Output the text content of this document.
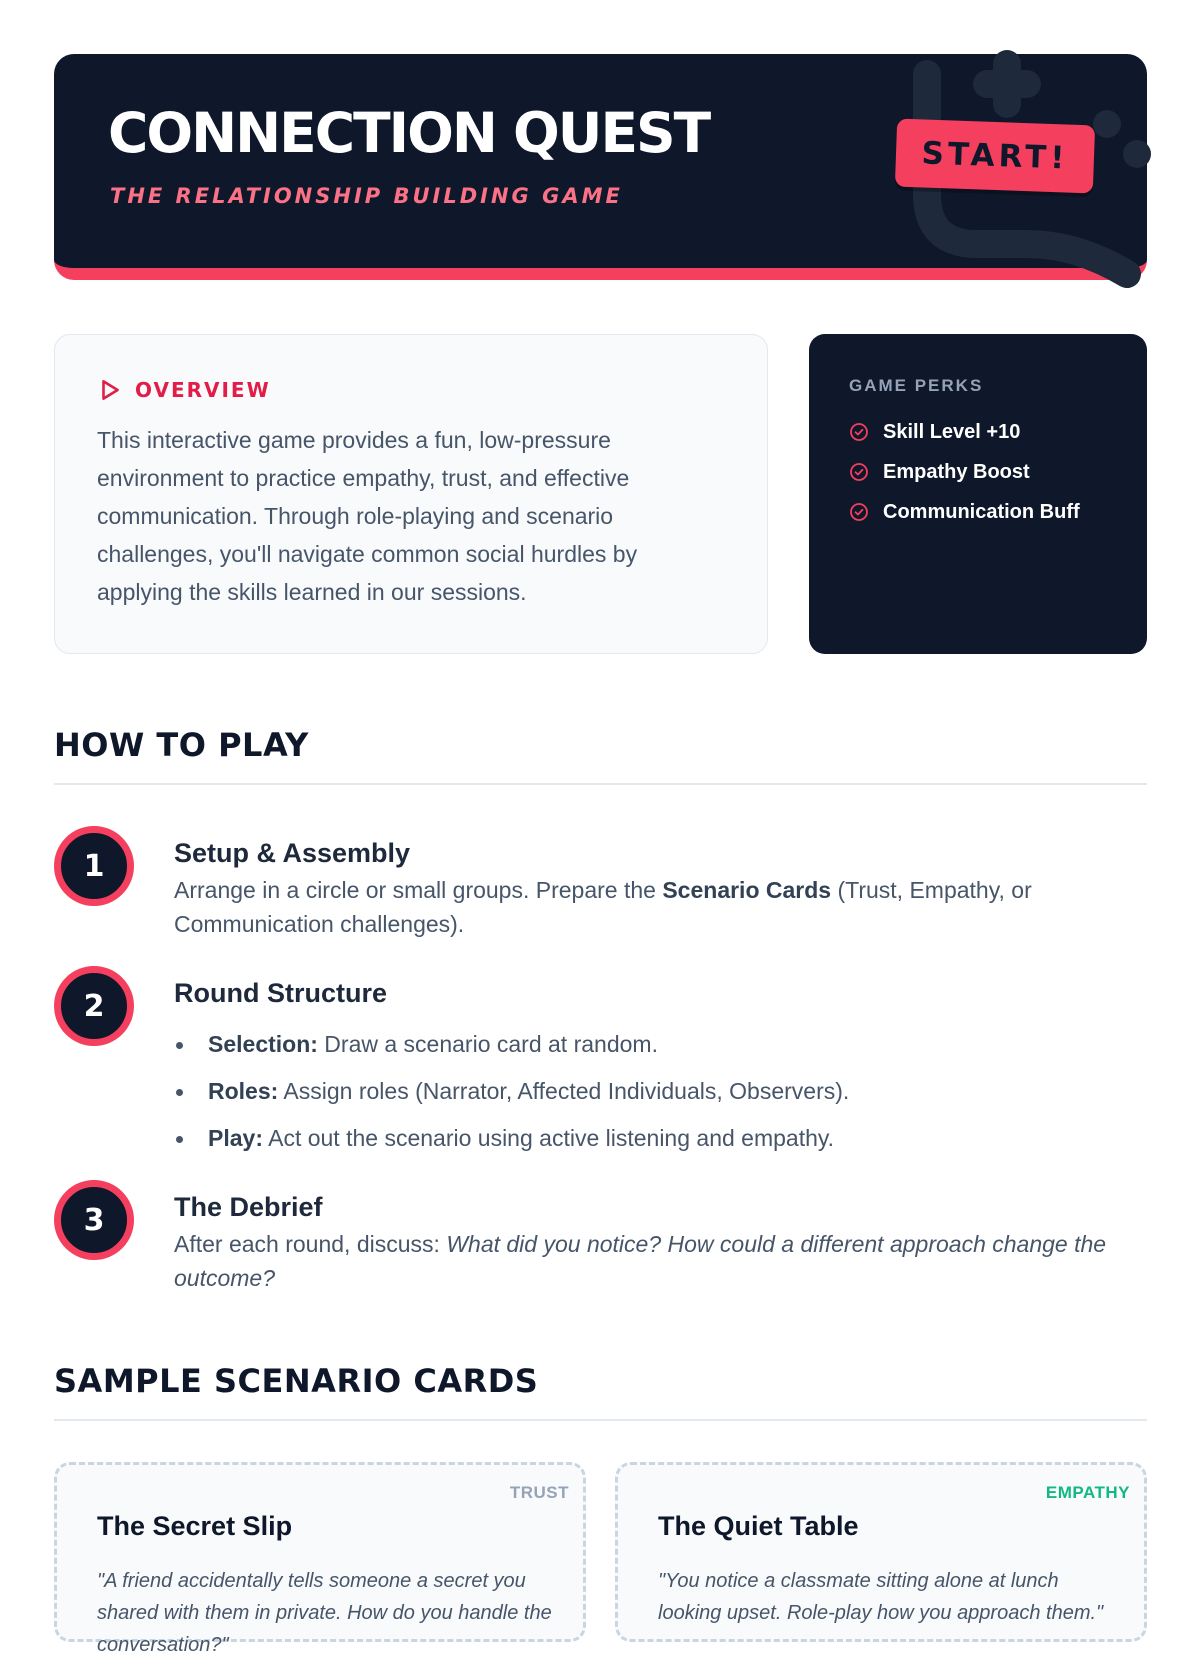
CONNECTION QUEST
THE RELATIONSHIP BUILDING GAME
START!
OVERVIEW

This interactive game provides a fun, low-pressure environment to practice empathy, trust, and effective communication. Through role-playing and scenario challenges, you'll navigate common social hurdles by applying the skills learned in our sessions.

GAME PERKS
Skill Level +10
Empathy Boost
Communication Buff
HOW TO PLAY
1	Setup & Assembly
Arrange in a circle or small groups. Prepare the Scenario Cards (Trust, Empathy, or Communication challenges).
2	Round Structure
Selection: Draw a scenario card at random.
Roles: Assign roles (Narrator, Affected Individuals, Observers).
Play: Act out the scenario using active listening and empathy.
3	The Debrief
After each round, discuss: What did you notice? How could a different approach change the outcome?
SAMPLE SCENARIO CARDS
TRUST
The Secret Slip
"A friend accidentally tells someone a secret you shared with them in private. How do you handle the conversation?"
EMPATHY
The Quiet Table
"You notice a classmate sitting alone at lunch looking upset. Role-play how you approach them."
